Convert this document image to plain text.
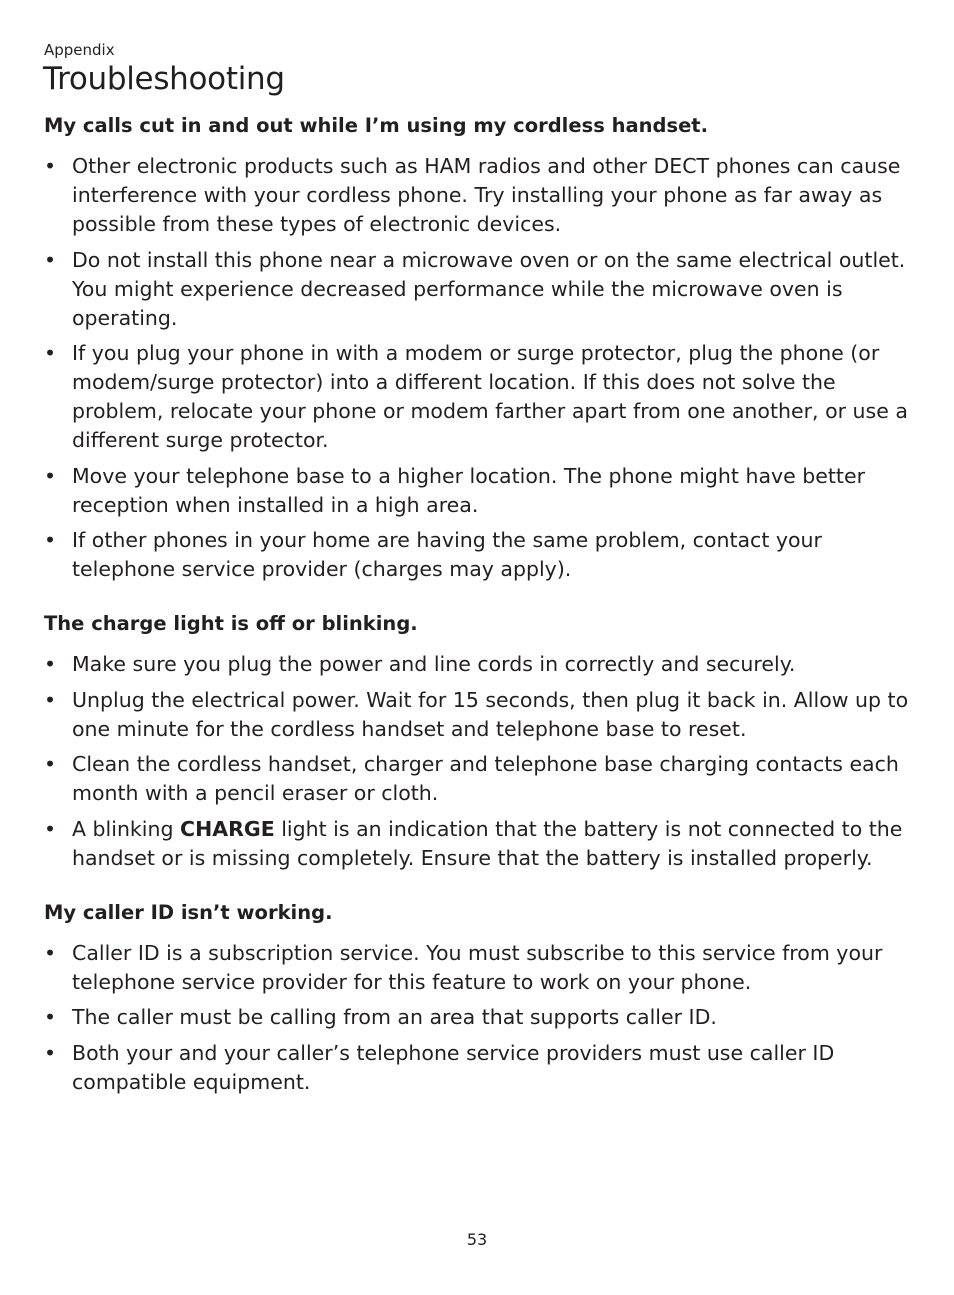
Appendix

Troubleshooting
My calls cut in and out while I’m using my cordless handset.
• Other electronic products such as HAM radios and other DECT phones can cause interference with your cordless phone. Try installing your phone as far away as possible from these types of electronic devices.
• Do not install this phone near a microwave oven or on the same electrical outlet. You might experience decreased performance while the microwave oven is operating.
• If you plug your phone in with a modem or surge protector, plug the phone (or modem/surge protector) into a different location. If this does not solve the problem, relocate your phone or modem farther apart from one another, or use a different surge protector.
• Move your telephone base to a higher location. The phone might have better reception when installed in a high area.
• If other phones in your home are having the same problem, contact your telephone service provider (charges may apply).
The charge light is off or blinking.
• Make sure you plug the power and line cords in correctly and securely.
• Unplug the electrical power. Wait for 15 seconds, then plug it back in. Allow up to one minute for the cordless handset and telephone base to reset.
• Clean the cordless handset, charger and telephone base charging contacts each month with a pencil eraser or cloth.
• A blinking CHARGE light is an indication that the battery is not connected to the handset or is missing completely. Ensure that the battery is installed properly.
My caller ID isn’t working.
• Caller ID is a subscription service. You must subscribe to this service from your telephone service provider for this feature to work on your phone.
• The caller must be calling from an area that supports caller ID.
• Both your and your caller’s telephone service providers must use caller ID compatible equipment.
53
